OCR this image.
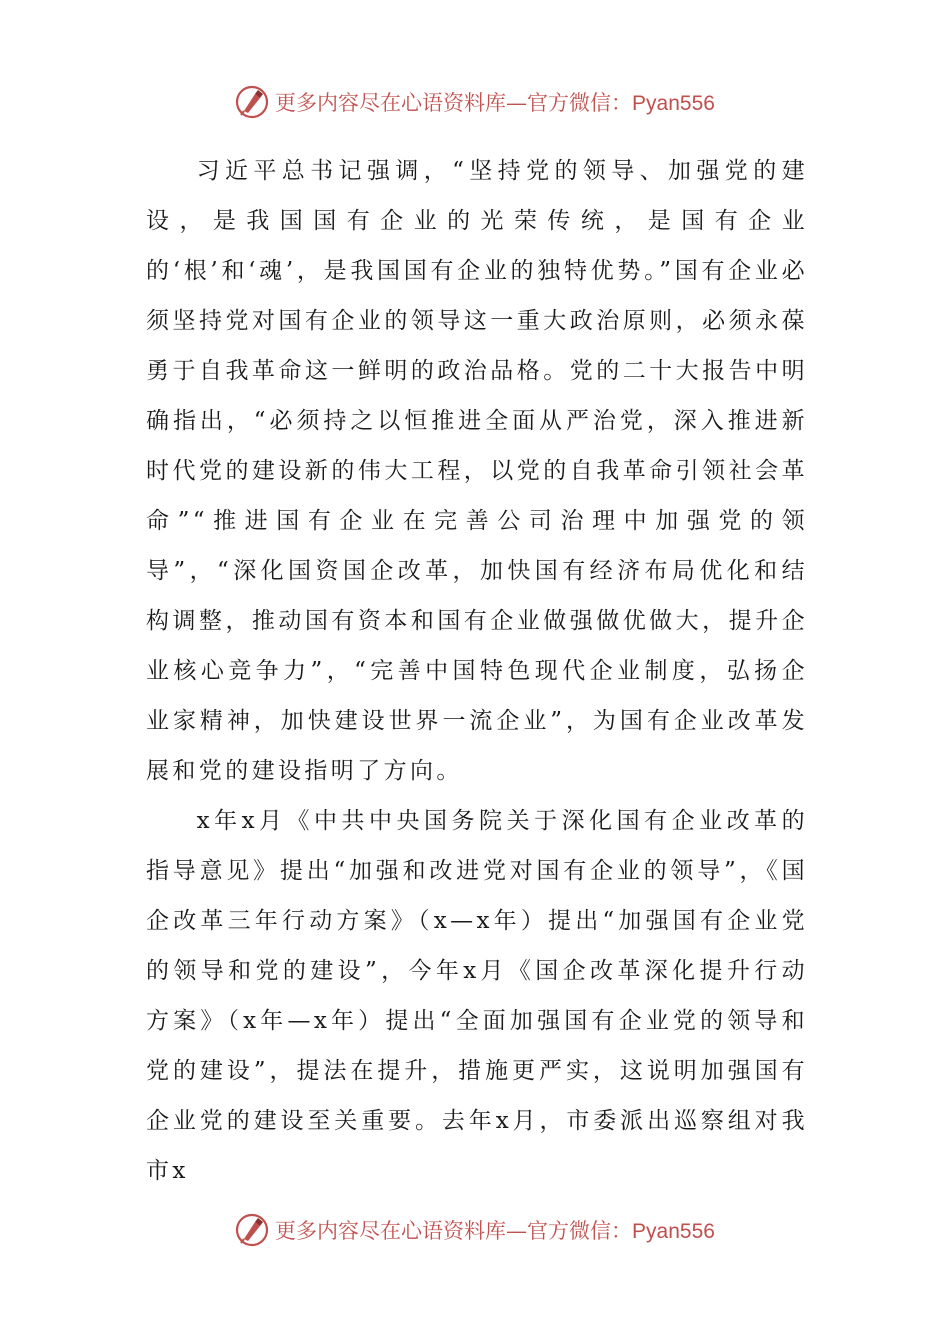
更多内容尽在心语资料库—官方微信：Pyan556

习近平总书记强调，“坚持党的领导、加强党的建设，是我国国有企业的光荣传统，是国有企业的‘根’和‘魂’，是我国国有企业的独特优势。”国有企业必须坚持党对国有企业的领导这一重大政治原则，必须永葆勇于自我革命这一鲜明的政治品格。党的二十大报告中明确指出，“必须持之以恒推进全面从严治党，深入推进新时代党的建设新的伟大工程，以党的自我革命引领社会革命”“推进国有企业在完善公司治理中加强党的领导”，“深化国资国企改革，加快国有经济布局优化和结构调整，推动国有资本和国有企业做强做优做大，提升企业核心竞争力”，“完善中国特色现代企业制度，弘扬企业家精神，加快建设世界一流企业”，为国有企业改革发展和党的建设指明了方向。

x年x月《中共中央国务院关于深化国有企业改革的指导意见》提出“加强和改进党对国有企业的领导”，《国企改革三年行动方案》（x—x年）提出“加强国有企业党的领导和党的建设”，今年x月《国企改革深化提升行动方案》（x年—x年）提出“全面加强国有企业党的领导和党的建设”，提法在提升，措施更严实，这说明加强国有企业党的建设至关重要。去年x月，市委派出巡察组对我市x

更多内容尽在心语资料库—官方微信：Pyan556
